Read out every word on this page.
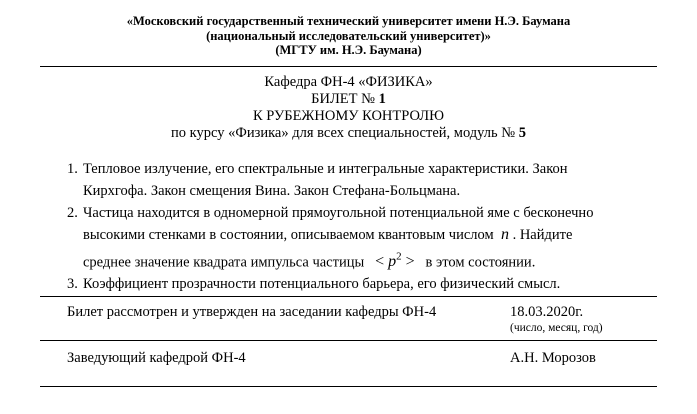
«Московский государственный технический университет имени Н.Э. Баумана
(национальный исследовательский университет)»
(МГТУ им. Н.Э. Баумана)
Кафедра ФН-4 «ФИЗИКА»
БИЛЕТ № 1
К РУБЕЖНОМУ КОНТРОЛЮ
по курсу «Физика» для всех специальностей, модуль № 5
1. Тепловое излучение, его спектральные и интегральные характеристики. Закон
Кирхгофа. Закон смещения Вина. Закон Стефана-Больцмана.
2. Частица находится в одномерной прямоугольной потенциальной яме с бесконечно
высокими стенками в состоянии, описываемом квантовым числом n . Найдите
среднее значение квадрата импульса частицы < $p^2 > в$ этом состоянии.
3. Коэффициент прозрачности потенциального барьера, его физический смысл.
Билет рассмотрен и утвержден на заседании кафедры ФН-4	18.03.2020г.
(число, месяц, год)
Заведующий кафедрой ФН-4	А.Н. Морозов
